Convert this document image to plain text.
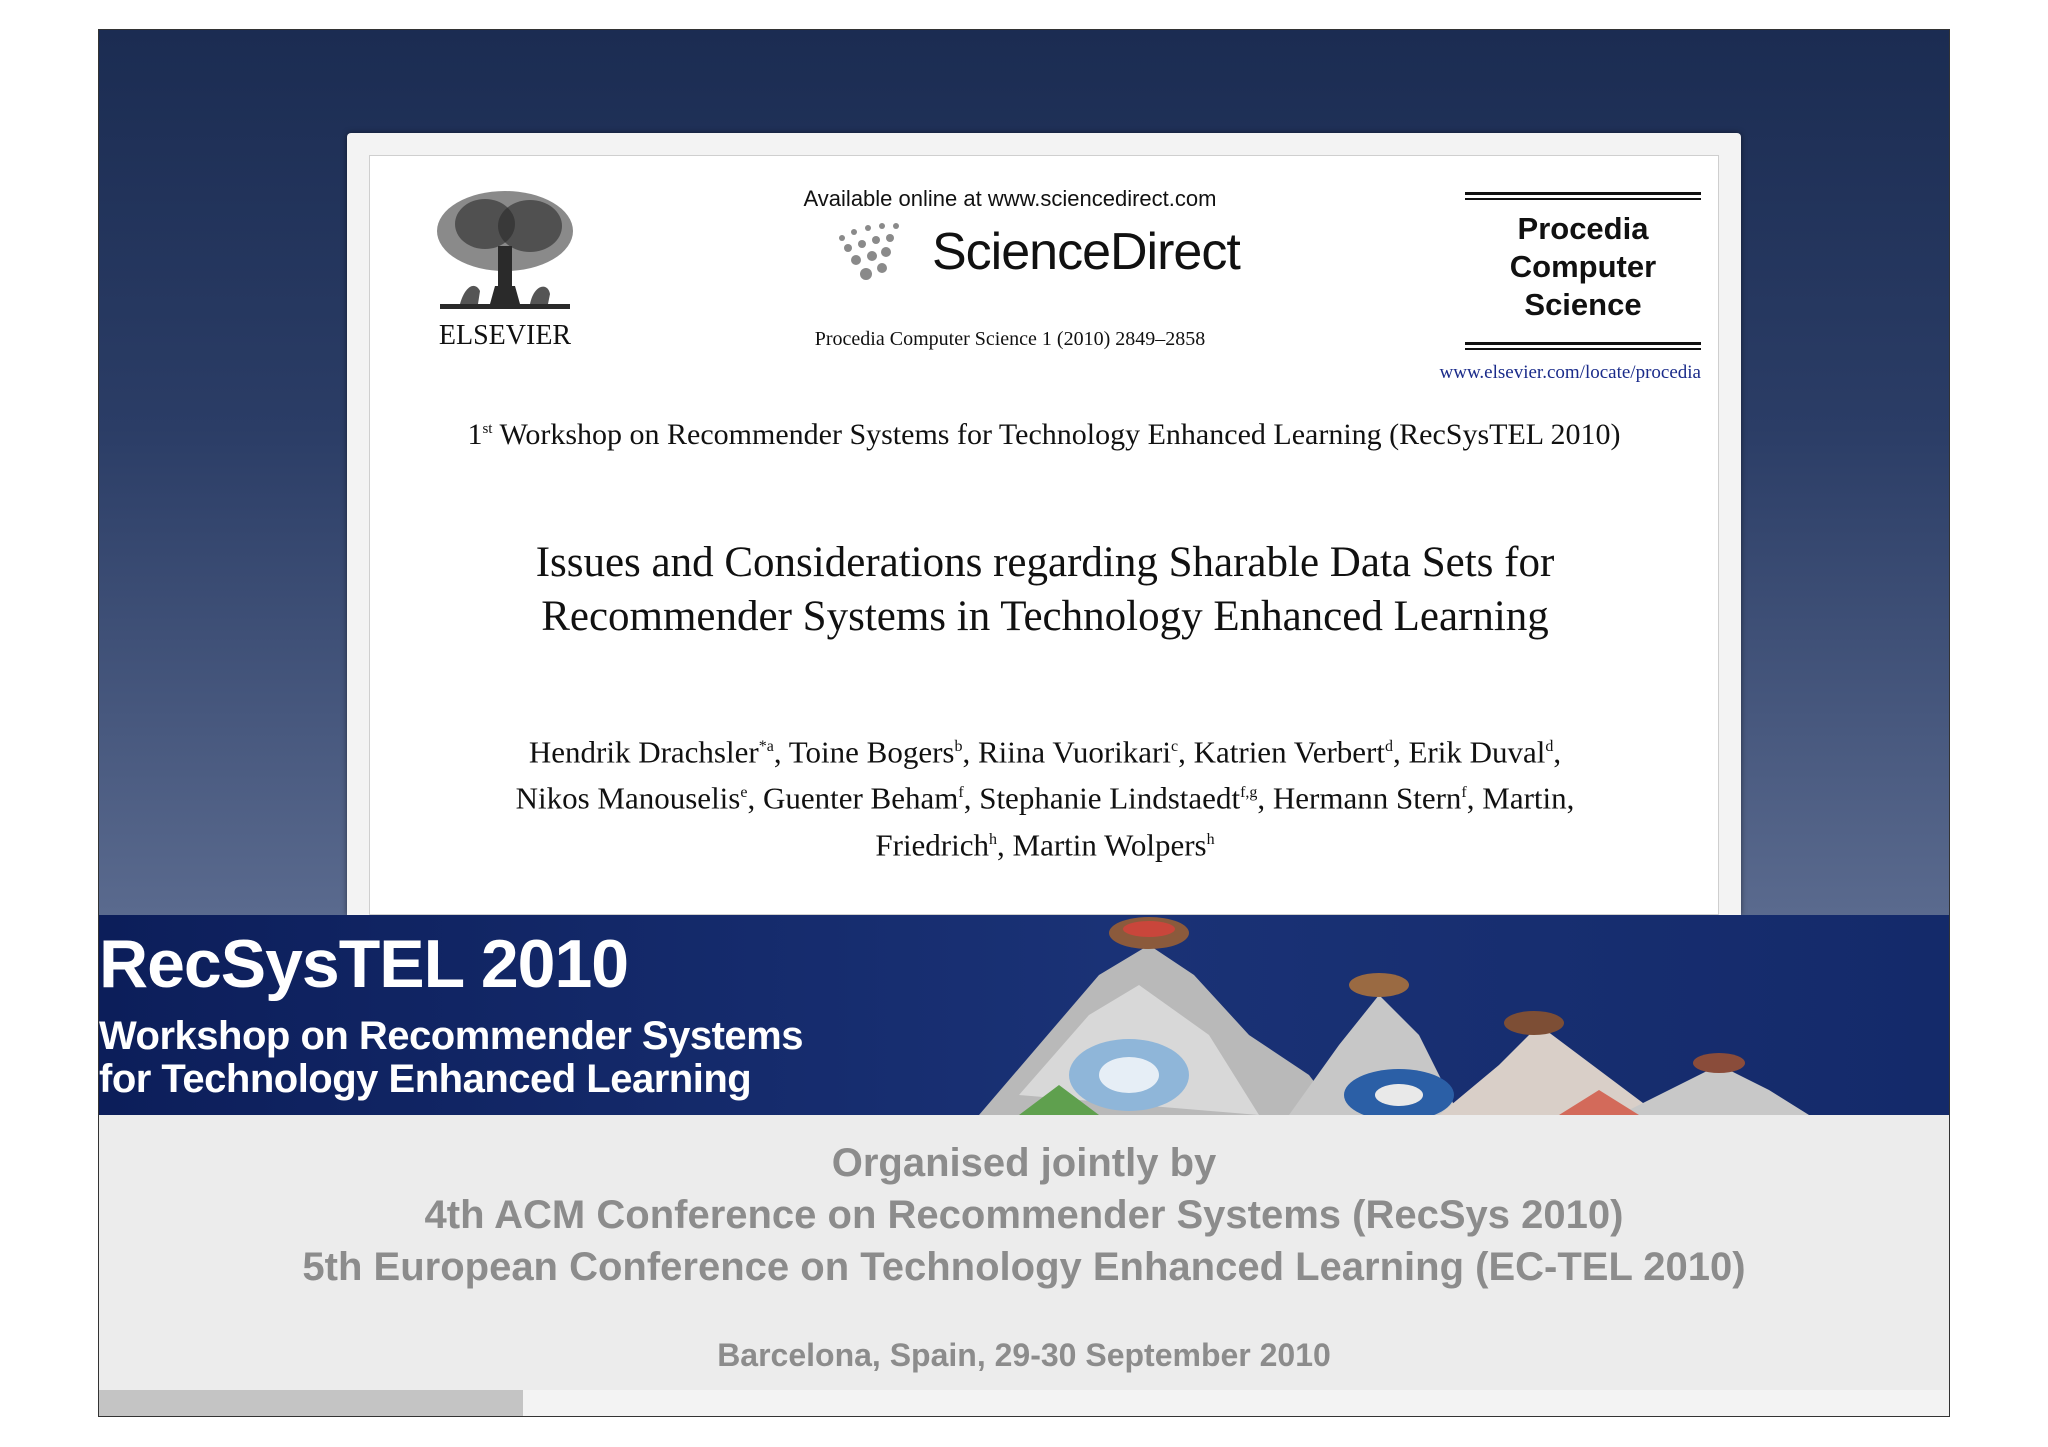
ELSEVIER
Available online at www.sciencedirect.com
ScienceDirect
Procedia Computer Science 1 (2010) 2849–2858
Procedia
Computer
Science
www.elsevier.com/locate/procedia
1st Workshop on Recommender Systems for Technology Enhanced Learning (RecSysTEL 2010)
Issues and Considerations regarding Sharable Data Sets for
Recommender Systems in Technology Enhanced Learning
Hendrik Drachsler$^{*a}$, Toine Bogers$^b$, Riina Vuorikari$^c$, Katrien Verbert$^d$, Erik Duval$^d$,
Nikos Manouselis$^e$, Guenter Beham$^f$, Stephanie Lindstaedt$^{f,g}$, Hermann Stern$^f$, Martin,
Friedrich$^h$, Martin Wolpers$^h$
RecSysTEL 2010
Workshop on Recommender Systems
for Technology Enhanced Learning
Organised jointly by
4th ACM Conference on Recommender Systems (RecSys 2010)
5th European Conference on Technology Enhanced Learning (EC-TEL 2010)
Barcelona, Spain, 29-30 September 2010
